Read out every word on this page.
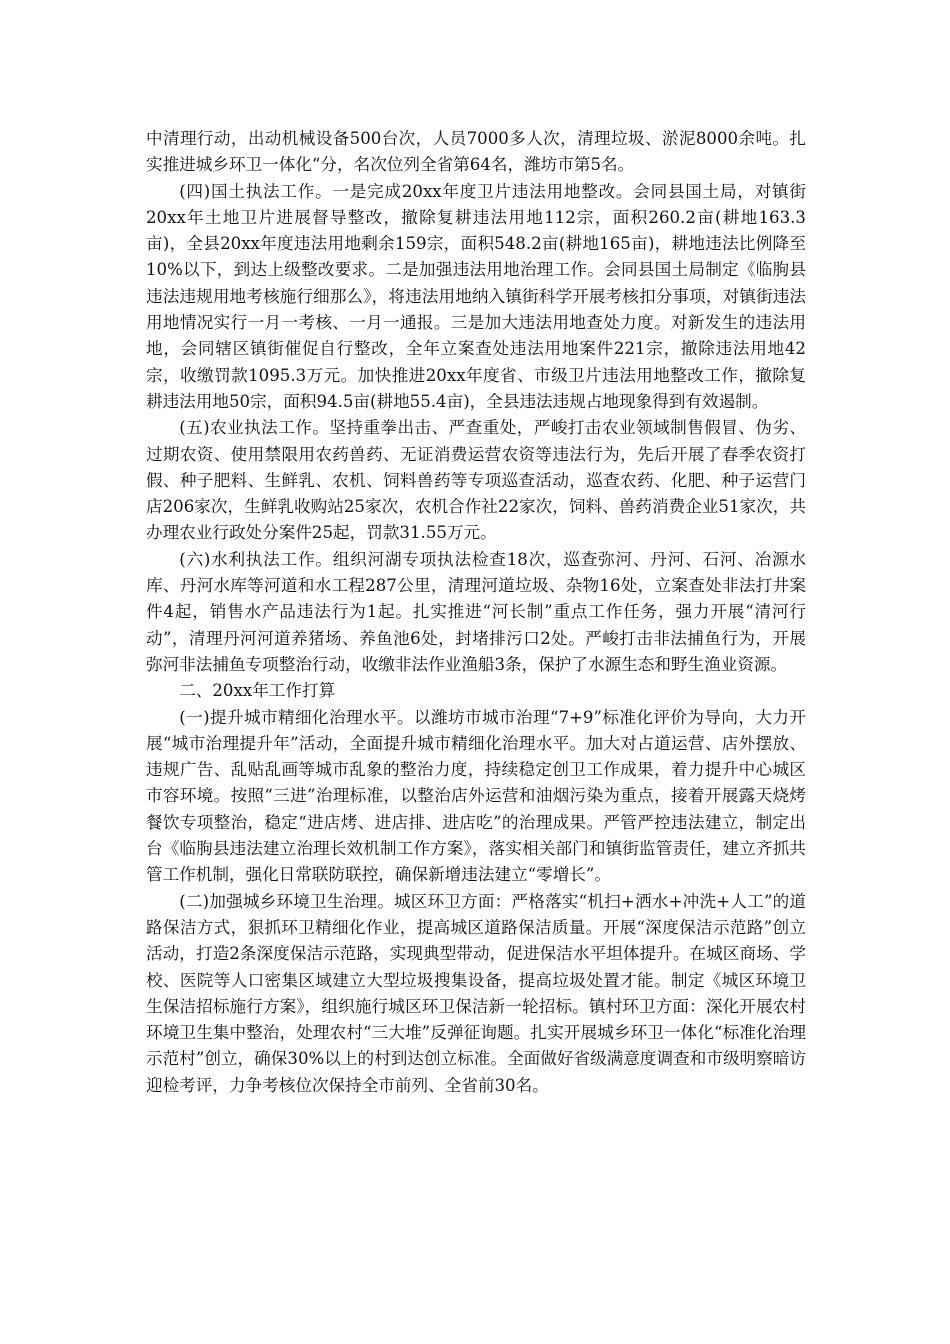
中清理行动，出动机械设备500台次，人员7000多人次，清理垃圾、淤泥8000余吨。扎实推进城乡环卫一体化“分，名次位列全省第64名，潍坊市第5名。

(四)国土执法工作。一是完成20xx年度卫片违法用地整改。会同县国土局，对镇街20xx年土地卫片进展督导整改，撤除复耕违法用地112宗，面积260.2亩(耕地163.3亩)，全县20xx年度违法用地剩余159宗，面积548.2亩(耕地165亩)，耕地违法比例降至10%以下，到达上级整改要求。二是加强违法用地治理工作。会同县国土局制定《临朐县违法违规用地考核施行细那么》，将违法用地纳入镇街科学开展考核扣分事项，对镇街违法用地情况实行一月一考核、一月一通报。三是加大违法用地查处力度。对新发生的违法用地，会同辖区镇街催促自行整改，全年立案查处违法用地案件221宗，撤除违法用地42宗，收缴罚款1095.3万元。加快推进20xx年度省、市级卫片违法用地整改工作，撤除复耕违法用地50宗，面积94.5亩(耕地55.4亩)，全县违法违规占地现象得到有效遏制。

(五)农业执法工作。坚持重拳出击、严查重处，严峻打击农业领域制售假冒、伪劣、过期农资、使用禁限用农药兽药、无证消费运营农资等违法行为，先后开展了春季农资打假、种子肥料、生鲜乳、农机、饲料兽药等专项巡查活动，巡查农药、化肥、种子运营门店206家次，生鲜乳收购站25家次，农机合作社22家次，饲料、兽药消费企业51家次，共办理农业行政处分案件25起，罚款31.55万元。

(六)水利执法工作。组织河湖专项执法检查18次，巡查弥河、丹河、石河、冶源水库、丹河水库等河道和水工程287公里，清理河道垃圾、杂物16处，立案查处非法打井案件4起，销售水产品违法行为1起。扎实推进“河长制”重点工作任务，强力开展“清河行动”，清理丹河河道养猪场、养鱼池6处，封堵排污口2处。严峻打击非法捕鱼行为，开展弥河非法捕鱼专项整治行动，收缴非法作业渔船3条，保护了水源生态和野生渔业资源。

二、20xx年工作打算

(一)提升城市精细化治理水平。以潍坊市城市治理“7+9”标准化评价为导向，大力开展“城市治理提升年”活动，全面提升城市精细化治理水平。加大对占道运营、店外摆放、违规广告、乱贴乱画等城市乱象的整治力度，持续稳定创卫工作成果，着力提升中心城区市容环境。按照“三进”治理标准，以整治店外运营和油烟污染为重点，接着开展露天烧烤餐饮专项整治，稳定“进店烤、进店排、进店吃”的治理成果。严管严控违法建立，制定出台《临朐县违法建立治理长效机制工作方案》，落实相关部门和镇街监管责任，建立齐抓共管工作机制，强化日常联防联控，确保新增违法建立“零增长”。

(二)加强城乡环境卫生治理。城区环卫方面：严格落实“机扫+洒水+冲洗+人工”的道路保洁方式，狠抓环卫精细化作业，提高城区道路保洁质量。开展“深度保洁示范路”创立活动，打造2条深度保洁示范路，实现典型带动，促进保洁水平坦体提升。在城区商场、学校、医院等人口密集区域建立大型垃圾搜集设备，提高垃圾处置才能。制定《城区环境卫生保洁招标施行方案》，组织施行城区环卫保洁新一轮招标。镇村环卫方面：深化开展农村环境卫生集中整治，处理农村“三大堆”反弹征询题。扎实开展城乡环卫一体化“标准化治理示范村”创立，确保30%以上的村到达创立标准。全面做好省级满意度调查和市级明察暗访迎检考评，力争考核位次保持全市前列、全省前30名。
